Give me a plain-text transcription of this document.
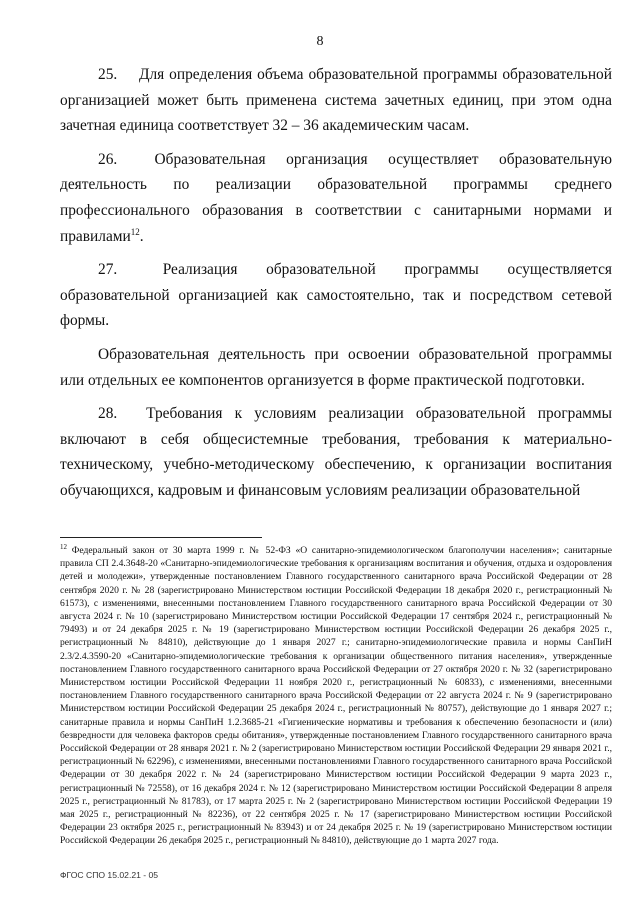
8

25. Для определения объема образовательной программы образовательной организацией может быть применена система зачетных единиц, при этом одна зачетная единица соответствует 32 – 36 академическим часам.

26. Образовательная организация осуществляет образовательную деятельность по реализации образовательной программы среднего профессионального образования в соответствии с санитарными нормами и правилами$^{12}$.

27.	Реализация образовательной программы осуществляется образовательной организацией как самостоятельно, так и посредством сетевой формы.

Образовательная деятельность при освоении образовательной программы или отдельных ее компонентов организуется в форме практической подготовки.

28. Требования к условиям реализации образовательной программы включают в себя общесистемные требования, требования к материально-техническому, учебно-методическому обеспечению, к организации воспитания обучающихся, кадровым и финансовым условиям реализации образовательной

$^{12}$ Федеральный закон от 30 марта 1999 г. № 52-ФЗ «О санитарно-эпидемиологическом благополучии населения»; санитарные правила СП 2.4.3648-20 «Санитарно-эпидемиологические требования к организациям воспитания и обучения, отдыха и оздоровления детей и молодежи», утвержденные постановлением Главного государственного санитарного врача Российской Федерации от 28 сентября 2020 г. № 28 (зарегистрировано Министерством юстиции Российской Федерации 18 декабря 2020 г., регистрационный № 61573), с изменениями, внесенными постановлением Главного государственного санитарного врача Российской Федерации от 30 августа 2024 г. № 10 (зарегистрировано Министерством юстиции Российской Федерации 17 сентября 2024 г., регистрационный № 79493) и от 24 декабря 2025 г. № 19 (зарегистрировано Министерством юстиции Российской Федерации 26 декабря 2025 г., регистрационный № 84810), действующие до 1 января 2027 г.; санитарно-эпидемиологические правила и нормы СанПиН 2.3/2.4.3590-20 «Санитарно-эпидемиологические требования к организации общественного питания населения», утвержденные постановлением Главного государственного санитарного врача Российской Федерации от 27 октября 2020 г. № 32 (зарегистрировано Министерством юстиции Российской Федерации 11 ноября 2020 г., регистрационный № 60833), с изменениями, внесенными постановлением Главного государственного санитарного врача Российской Федерации от 22 августа 2024 г. № 9 (зарегистрировано Министерством юстиции Российской Федерации 25 декабря 2024 г., регистрационный № 80757), действующие до 1 января 2027 г.; санитарные правила и нормы СанПиН 1.2.3685-21 «Гигиенические нормативы и требования к обеспечению безопасности и (или) безвредности для человека факторов среды обитания», утвержденные постановлением Главного государственного санитарного врача Российской Федерации от 28 января 2021 г. № 2 (зарегистрировано Министерством юстиции Российской Федерации 29 января 2021 г., регистрационный № 62296), с изменениями, внесенными постановлениями Главного государственного санитарного врача Российской Федерации от 30 декабря 2022 г. № 24 (зарегистрировано Министерством юстиции Российской Федерации 9 марта 2023 г., регистрационный № 72558), от 16 декабря 2024 г. № 12 (зарегистрировано Министерством юстиции Российской Федерации 8 апреля 2025 г., регистрационный № 81783), от 17 марта 2025 г. № 2 (зарегистрировано Министерством юстиции Российской Федерации 19 мая 2025 г., регистрационный № 82236), от 22 сентября 2025 г. № 17 (зарегистрировано Министерством юстиции Российской Федерации 23 октября 2025 г., регистрационный № 83943) и от 24 декабря 2025 г. № 19 (зарегистрировано Министерством юстиции Российской Федерации 26 декабря 2025 г., регистрационный № 84810), действующие до 1 марта 2027 года.
ФГОС СПО 15.02.21 - 05
